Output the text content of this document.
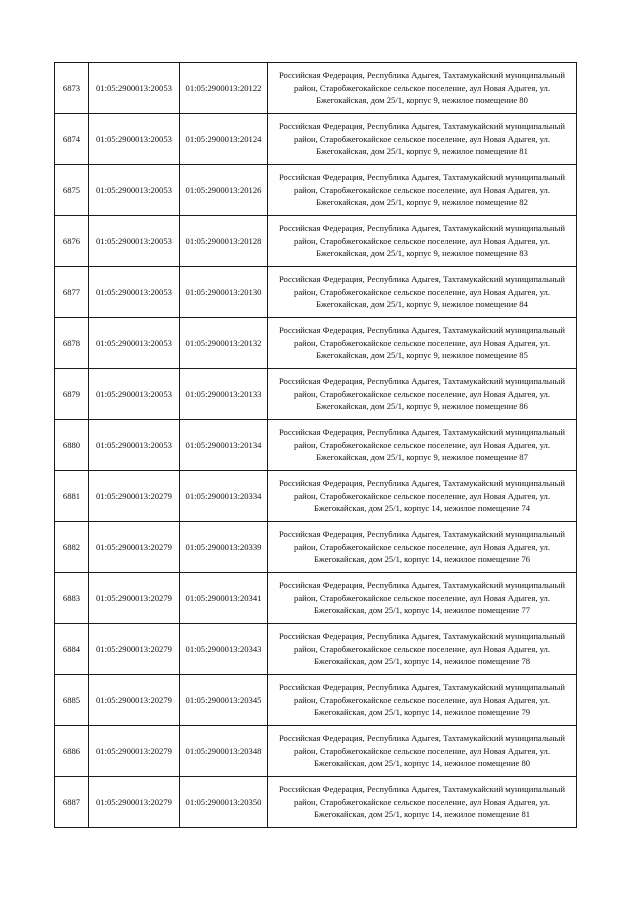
6873	01:05:2900013:20053	01:05:2900013:20122	Российская Федерация, Республика Адыгея, Тахтамукайский муниципальный район, Старобжегокайское сельское поселение, аул Новая Адыгея, ул. Бжегокайская, дом 25/1, корпус 9, нежилое помещение 80
6874	01:05:2900013:20053	01:05:2900013:20124	Российская Федерация, Республика Адыгея, Тахтамукайский муниципальный район, Старобжегокайское сельское поселение, аул Новая Адыгея, ул. Бжегокайская, дом 25/1, корпус 9, нежилое помещение 81
6875	01:05:2900013:20053	01:05:2900013:20126	Российская Федерация, Республика Адыгея, Тахтамукайский муниципальный район, Старобжегокайское сельское поселение, аул Новая Адыгея, ул. Бжегокайская, дом 25/1, корпус 9, нежилое помещение 82
6876	01:05:2900013:20053	01:05:2900013:20128	Российская Федерация, Республика Адыгея, Тахтамукайский муниципальный район, Старобжегокайское сельское поселение, аул Новая Адыгея, ул. Бжегокайская, дом 25/1, корпус 9, нежилое помещение 83
6877	01:05:2900013:20053	01:05:2900013:20130	Российская Федерация, Республика Адыгея, Тахтамукайский муниципальный район, Старобжегокайское сельское поселение, аул Новая Адыгея, ул. Бжегокайская, дом 25/1, корпус 9, нежилое помещение 84
6878	01:05:2900013:20053	01:05:2900013:20132	Российская Федерация, Республика Адыгея, Тахтамукайский муниципальный район, Старобжегокайское сельское поселение, аул Новая Адыгея, ул. Бжегокайская, дом 25/1, корпус 9, нежилое помещение 85
6879	01:05:2900013:20053	01:05:2900013:20133	Российская Федерация, Республика Адыгея, Тахтамукайский муниципальный район, Старобжегокайское сельское поселение, аул Новая Адыгея, ул. Бжегокайская, дом 25/1, корпус 9, нежилое помещение 86
6880	01:05:2900013:20053	01:05:2900013:20134	Российская Федерация, Республика Адыгея, Тахтамукайский муниципальный район, Старобжегокайское сельское поселение, аул Новая Адыгея, ул. Бжегокайская, дом 25/1, корпус 9, нежилое помещение 87
6881	01:05:2900013:20279	01:05:2900013:20334	Российская Федерация, Республика Адыгея, Тахтамукайский муниципальный район, Старобжегокайское сельское поселение, аул Новая Адыгея, ул. Бжегокайская, дом 25/1, корпус 14, нежилое помещение 74
6882	01:05:2900013:20279	01:05:2900013:20339	Российская Федерация, Республика Адыгея, Тахтамукайский муниципальный район, Старобжегокайское сельское поселение, аул Новая Адыгея, ул. Бжегокайская, дом 25/1, корпус 14, нежилое помещение 76
6883	01:05:2900013:20279	01:05:2900013:20341	Российская Федерация, Республика Адыгея, Тахтамукайский муниципальный район, Старобжегокайское сельское поселение, аул Новая Адыгея, ул. Бжегокайская, дом 25/1, корпус 14, нежилое помещение 77
6884	01:05:2900013:20279	01:05:2900013:20343	Российская Федерация, Республика Адыгея, Тахтамукайский муниципальный район, Старобжегокайское сельское поселение, аул Новая Адыгея, ул. Бжегокайская, дом 25/1, корпус 14, нежилое помещение 78
6885	01:05:2900013:20279	01:05:2900013:20345	Российская Федерация, Республика Адыгея, Тахтамукайский муниципальный район, Старобжегокайское сельское поселение, аул Новая Адыгея, ул. Бжегокайская, дом 25/1, корпус 14, нежилое помещение 79
6886	01:05:2900013:20279	01:05:2900013:20348	Российская Федерация, Республика Адыгея, Тахтамукайский муниципальный район, Старобжегокайское сельское поселение, аул Новая Адыгея, ул. Бжегокайская, дом 25/1, корпус 14, нежилое помещение 80
6887	01:05:2900013:20279	01:05:2900013:20350	Российская Федерация, Республика Адыгея, Тахтамукайский муниципальный район, Старобжегокайское сельское поселение, аул Новая Адыгея, ул. Бжегокайская, дом 25/1, корпус 14, нежилое помещение 81
